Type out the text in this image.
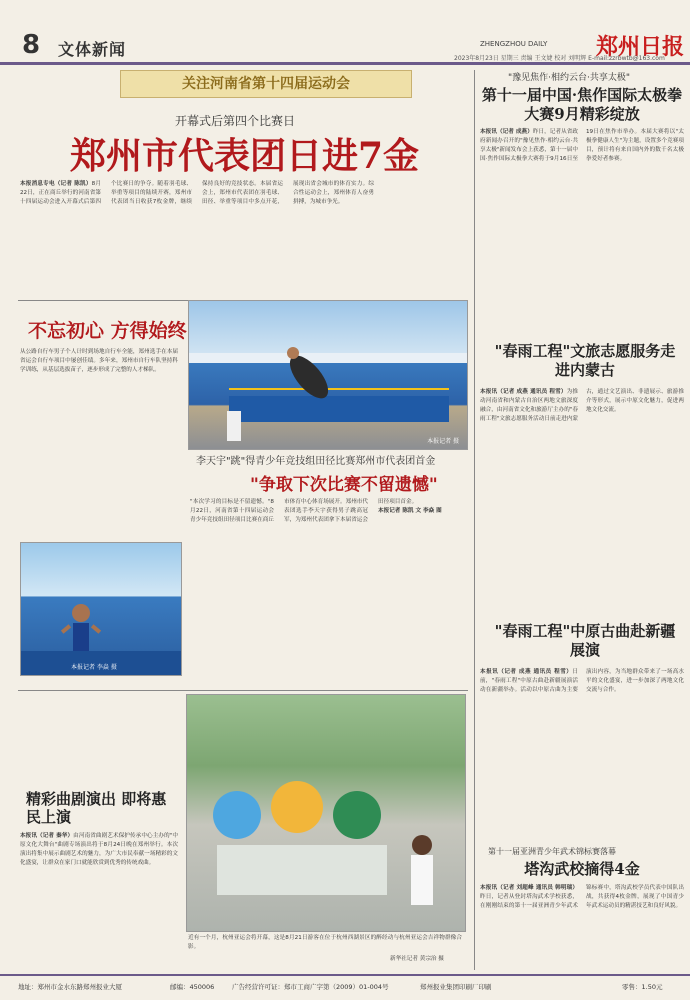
8 文体新闻	ZHENGZHOU DAILY 郑州日报
2023年8月23日 星期三 责编 王文婕 校对 刘明辉 E-mail:zzrbwtb@163.com
关注河南省第十四届运动会
开幕式后第四个比赛日
郑州市代表团日进7金
本报消息专电（记者 陈凯）8月22日，正在商丘举行的河南省第十四届运动会进入开幕式后第四个比赛日的争夺。随着羽毛球、举重等项目的陆续开赛，郑州市代表团当日收获7枚金牌，继续保持良好的竞技状态。本届省运会上，郑州市代表团在羽毛球、田径、举重等项目中多点开花，展现出省会城市的体育实力。综合性运动会上，郑州体育人奋勇拼搏，为城市争光。
不忘初心 方得始终
从公路自行车男子个人计时到场地自行车全能，郑州选手在本届省运会自行车项目中屡创佳绩。多年来，郑州市自行车队坚持科学训练，从基层选拔苗子，逐步形成了完整的人才梯队。
本报记者 摄
李天宇"跳"得青少年竞技组田径比赛郑州市代表团首金
"争取下次比赛不留遗憾"
"本次学习的目标是不留遗憾。"8月22日，河南省第十四届运动会青少年竞技组田径项目比赛在商丘市体育中心体育场展开。郑州市代表团选手李天宇获得男子跳高冠军，为郑州代表团拿下本届省运会田径项目首金。
本报记者 陈凯 文 李焱 图
本报记者 李焱 摄
精彩曲剧演出 即将惠民上演
本报讯（记者 秦华）由河南省曲剧艺术保护传承中心主办的"中原文化大舞台"曲剧专场演出将于8月24日晚在郑州举行。本次演出将集中展示曲剧艺术的魅力，为广大市民奉献一场精彩的文化盛宴，让群众在家门口就能欣赏到优秀的传统戏曲。
近有一个月，杭州亚运会将开幕，这是8月21日游客在位于杭州西湖景区的醉经动与杭州亚运会吉祥物群像合影。
新华社记者 黄宗治 摄
"豫见焦作·相约云台·共享太极"
第十一届中国·焦作国际太极拳大赛9月精彩绽放
本报讯（记者 成燕）昨日，记者从省政府新闻办召开的"豫见焦作·相约云台·共享太极"新闻发布会上获悉，第十一届中国·焦作国际太极拳大赛将于9月16日至19日在焦作市举办。本届大赛将以"太极拳健康人生"为主题，设置多个竞赛项目，预计将有来自国内外的数千名太极拳爱好者参赛。
"春雨工程"文旅志愿服务走进内蒙古
本报讯（记者 成燕 通讯员 程雪）为推动河南省和内蒙古自治区两地文旅深度融合，由河南省文化和旅游厅主办的"春雨工程"文旅志愿服务活动日前走进内蒙古，通过文艺演出、非遗展示、旅游推介等形式，展示中原文化魅力，促进两地文化交流。
"春雨工程"中原古曲赴新疆展演
本报讯（记者 成燕 通讯员 程雪）日前，"春雨工程"中原古曲赴新疆展演活动在新疆举办。活动以中原古曲为主要演出内容，为当地群众带来了一场高水平的文化盛宴，进一步加深了两地文化交流与合作。
第十一届亚洲青少年武术锦标赛落幕
塔沟武校摘得4金
本报讯（记者 刘超峰 通讯员 韩明瑞）昨日，记者从登封塔沟武术学校获悉，在刚刚结束的第十一届亚洲青少年武术锦标赛中，塔沟武校学员代表中国队出战，共获得4枚金牌，展现了中国青少年武术运动员的精湛技艺和良好风貌。
地址：郑州市金水东路郑州报业大厦	邮编：450006	广告经营许可证：郑市工商广字第（2009）01-004号	郑州报业集团印刷厂印刷	零售：1.50元
